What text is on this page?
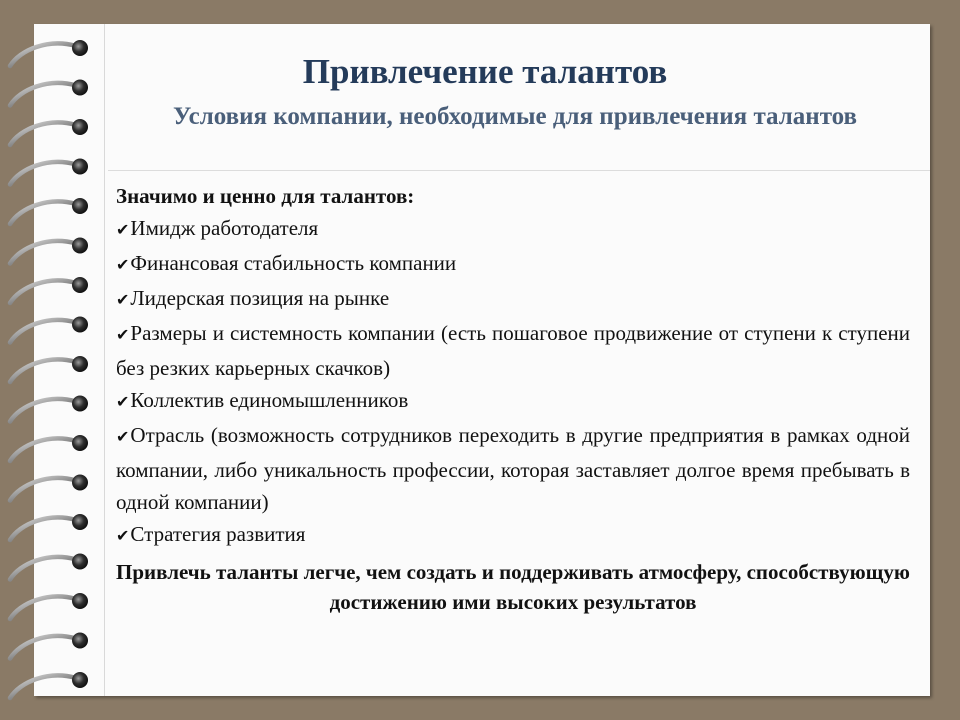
Привлечение талантов
Условия компании, необходимые для привлечения талантов
Значимо и ценно для талантов:
✔Имидж работодателя
✔Финансовая стабильность компании
✔Лидерская позиция на рынке
✔Размеры и системность компании (есть пошаговое продвижение от ступени к ступени без резких карьерных скачков)
✔Коллектив единомышленников
✔Отрасль (возможность сотрудников переходить в другие предприятия в рамках одной компании, либо уникальность профессии, которая заставляет долгое время пребывать в одной компании)
✔Стратегия развития
Привлечь таланты легче, чем создать и поддерживать атмосферу, способствующую достижению ими высоких результатов
